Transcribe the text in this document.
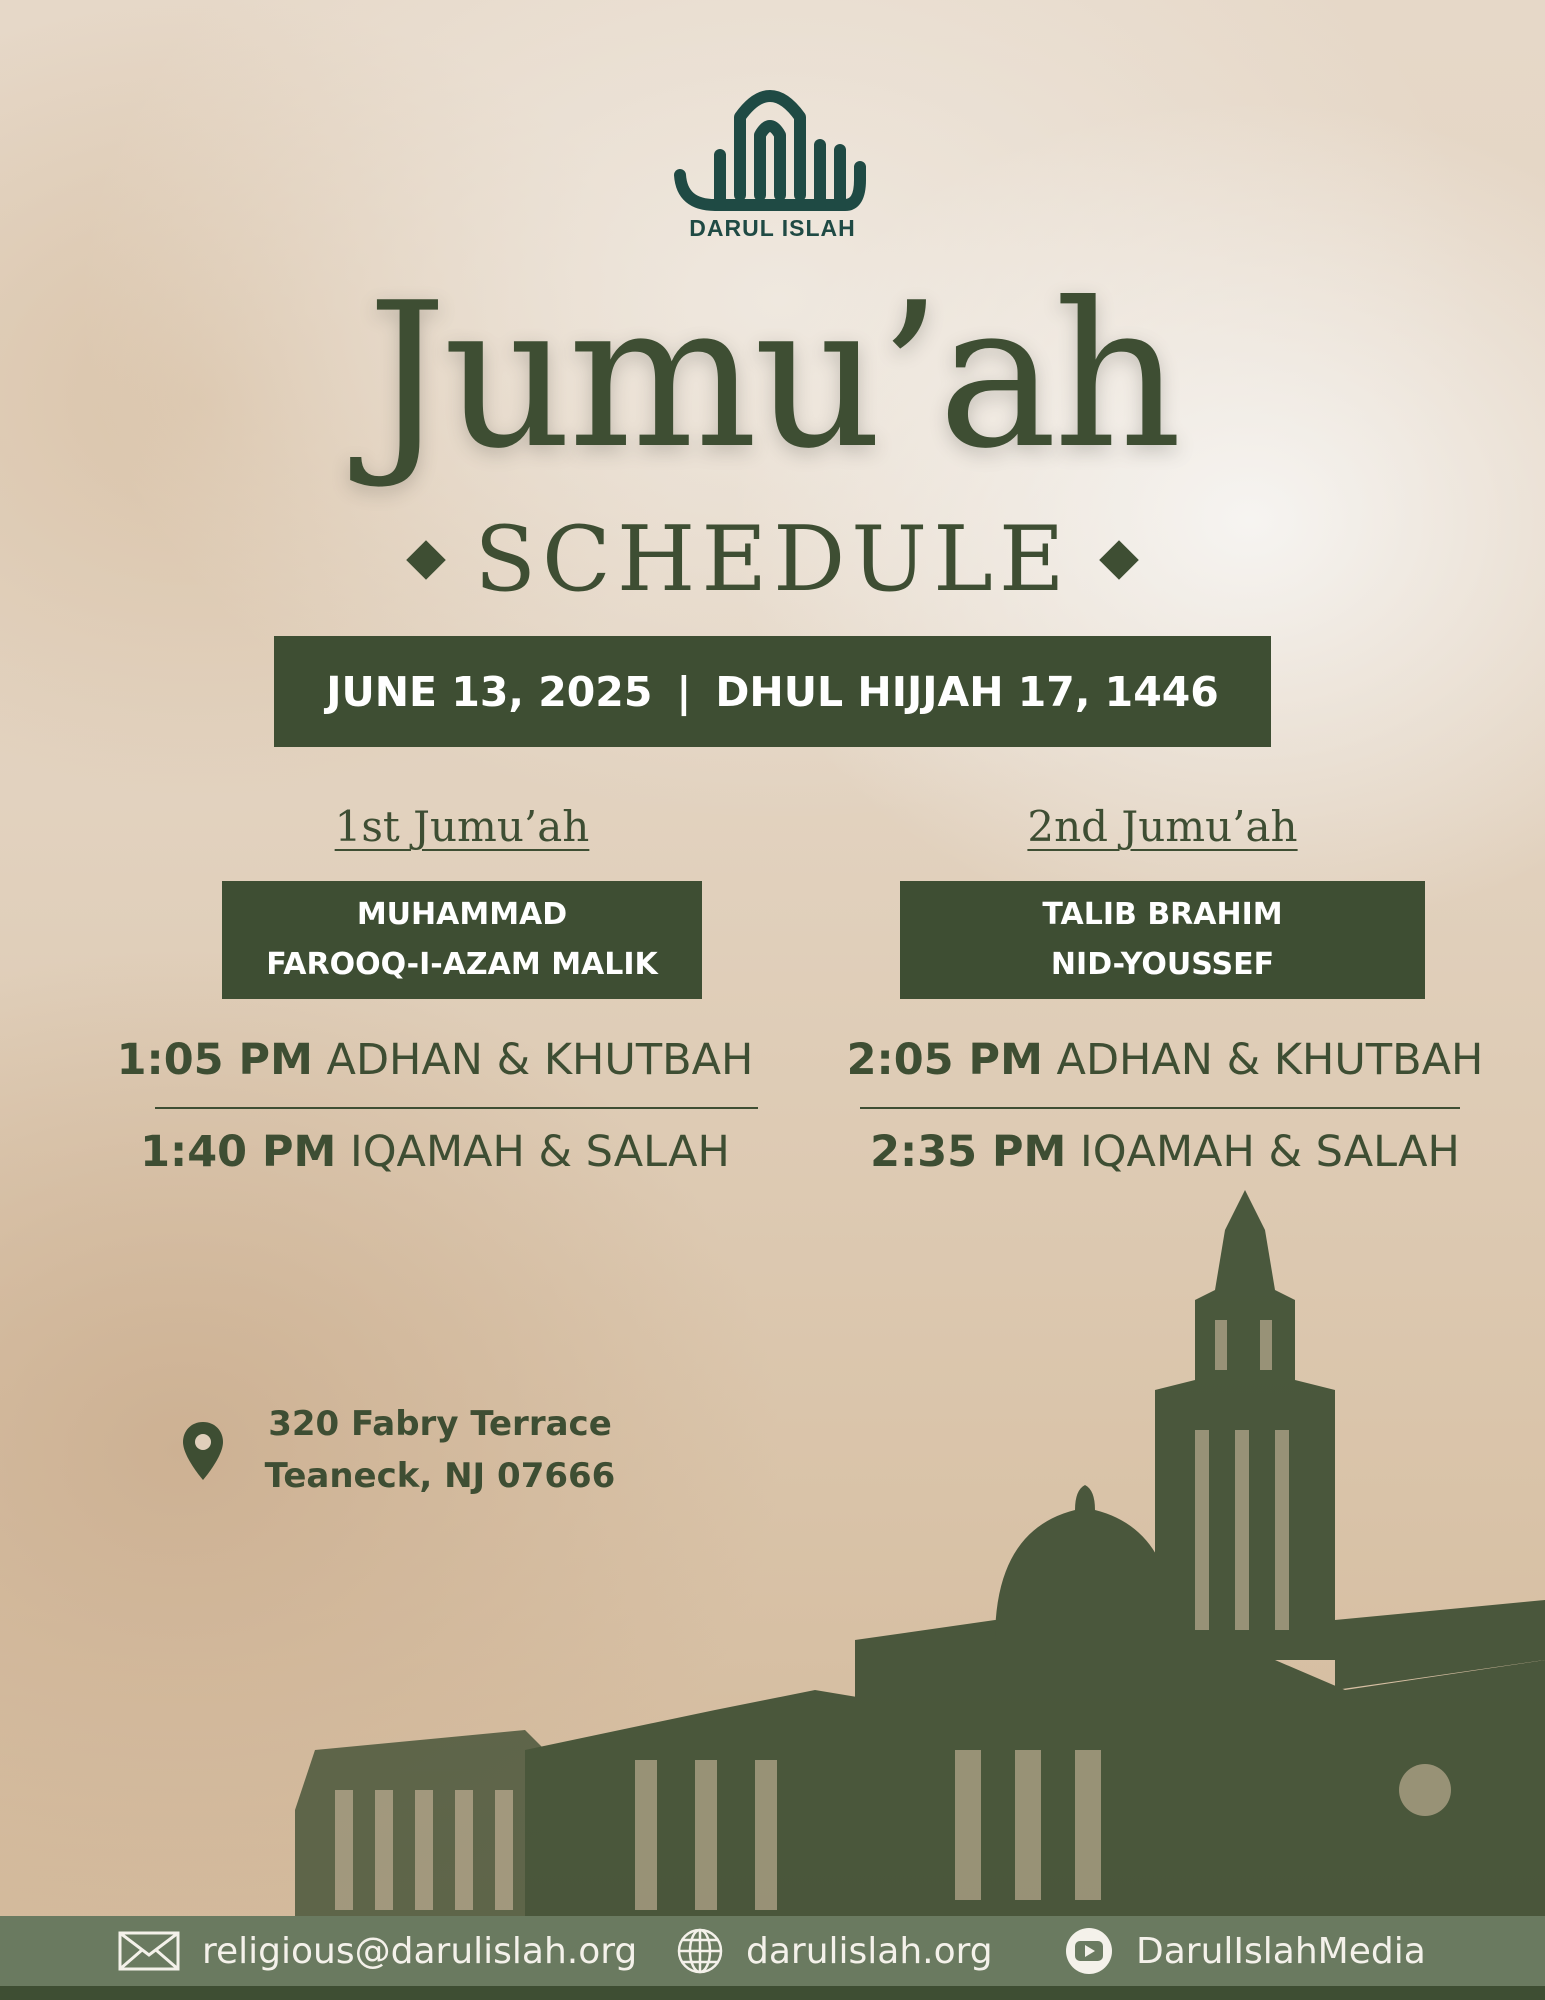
DARUL ISLAH
Jumu’ah
SCHEDULE
JUNE 13, 2025 | DHUL HIJJAH 17, 1446
1st Jumu’ah
MUHAMMAD
FAROOQ-I-AZAM MALIK
1:05 PM ADHAN & KHUTBAH
1:40 PM IQAMAH & SALAH
2nd Jumu’ah
TALIB BRAHIM
NID-YOUSSEF
2:05 PM ADHAN & KHUTBAH
2:35 PM IQAMAH & SALAH
320 Fabry Terrace
Teaneck, NJ 07666
religious@darulislah.org	darulislah.org	DarulIslahMedia
